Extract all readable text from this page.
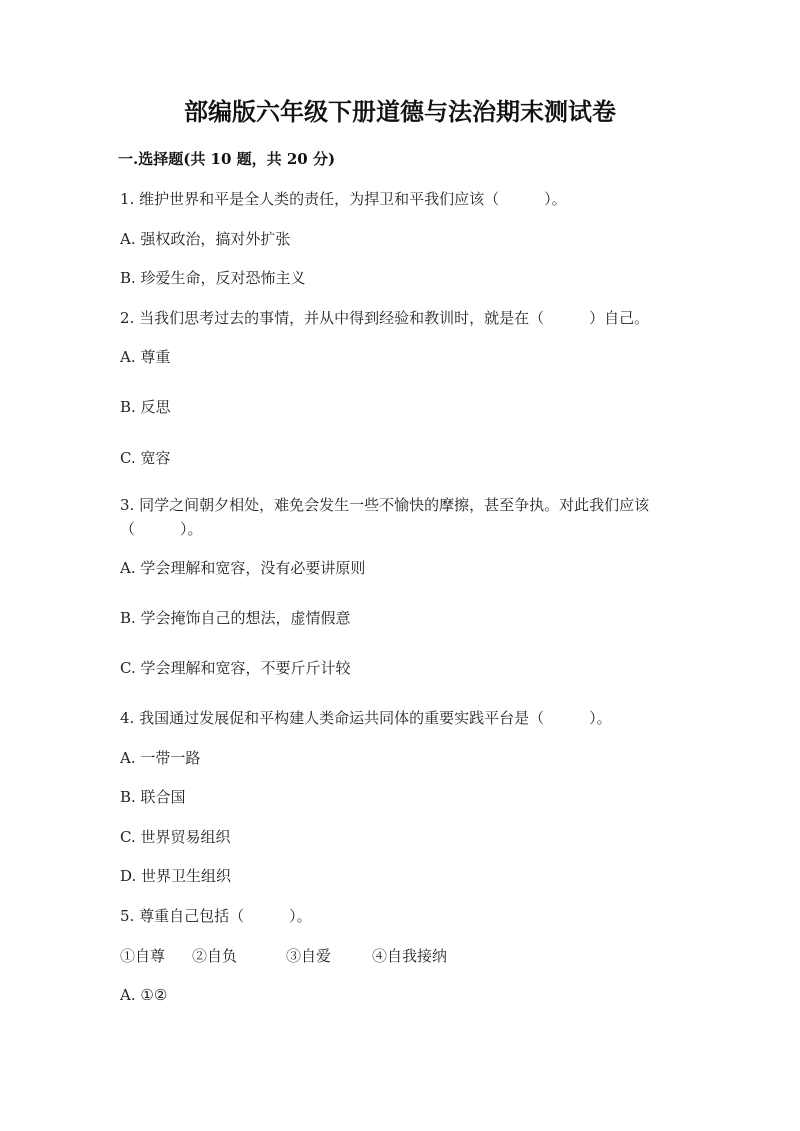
部编版六年级下册道德与法治期末测试卷
一.选择题(共 10 题，共 20 分)
1. 维护世界和平是全人类的责任，为捍卫和平我们应该（　　　）。
A. 强权政治，搞对外扩张
B. 珍爱生命，反对恐怖主义
2. 当我们思考过去的事情，并从中得到经验和教训时，就是在（　　　）自己。
A. 尊重
B. 反思
C. 宽容
3. 同学之间朝夕相处，难免会发生一些不愉快的摩擦，甚至争执。对此我们应该（　　　）。
A. 学会理解和宽容，没有必要讲原则
B. 学会掩饰自己的想法，虚情假意
C. 学会理解和宽容，不要斤斤计较
4. 我国通过发展促和平构建人类命运共同体的重要实践平台是（　　　）。
A. 一带一路
B. 联合国
C. 世界贸易组织
D. 世界卫生组织
5. 尊重自己包括（　　　）。
①自尊 ②自负	③自爱	④自我接纳
A. ①②
